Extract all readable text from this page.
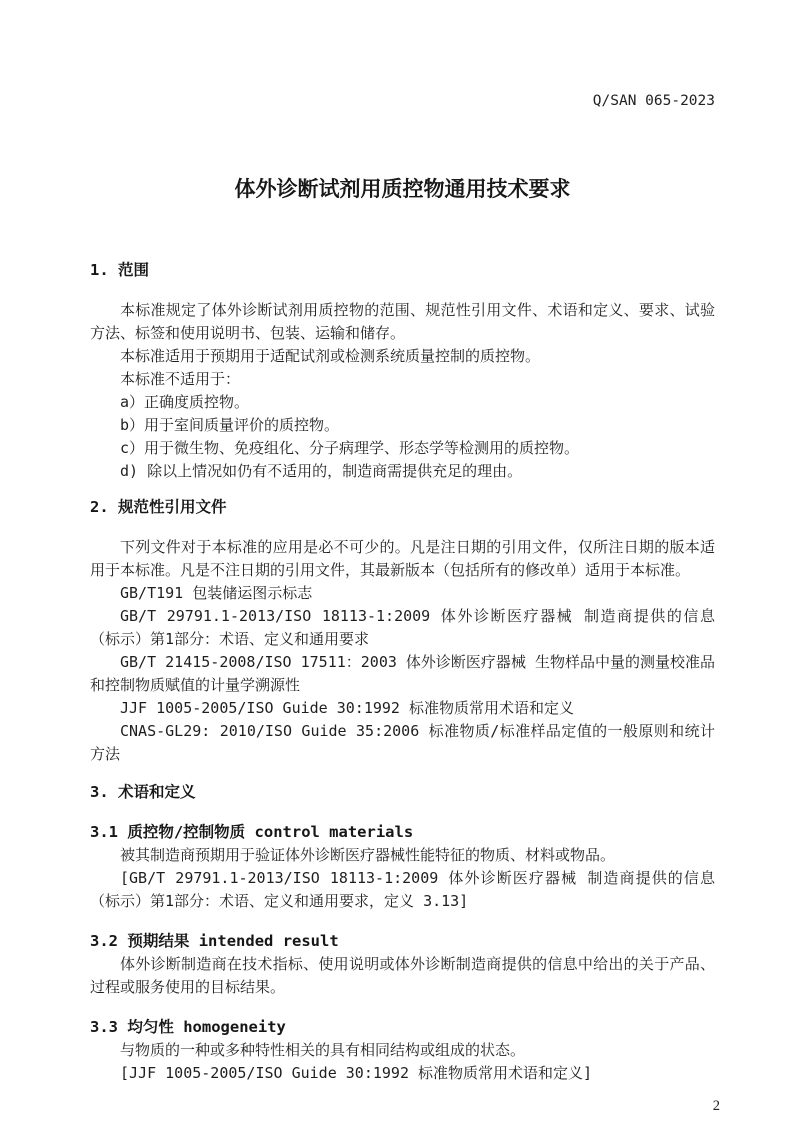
Q/SAN 065-2023
体外诊断试剂用质控物通用技术要求
1. 范围

本标准规定了体外诊断试剂用质控物的范围、规范性引用文件、术语和定义、要求、试验方法、标签和使用说明书、包装、运输和储存。

本标准适用于预期用于适配试剂或检测系统质量控制的质控物。

本标准不适用于：

a）正确度质控物。

b）用于室间质量评价的质控物。

c）用于微生物、免疫组化、分子病理学、形态学等检测用的质控物。

d) 除以上情况如仍有不适用的，制造商需提供充足的理由。

2. 规范性引用文件

下列文件对于本标准的应用是必不可少的。凡是注日期的引用文件，仅所注日期的版本适用于本标准。凡是不注日期的引用文件，其最新版本（包括所有的修改单）适用于本标准。

GB/T191 包装储运图示标志

GB/T 29791.1-2013/ISO 18113-1:2009 体外诊断医疗器械 制造商提供的信息（标示）第1部分：术语、定义和通用要求

GB/T 21415-2008/ISO 17511：2003 体外诊断医疗器械 生物样品中量的测量校准品和控制物质赋值的计量学溯源性

JJF 1005-2005/ISO Guide 30:1992 标准物质常用术语和定义

CNAS-GL29: 2010/ISO Guide 35:2006 标准物质/标准样品定值的一般原则和统计方法

3. 术语和定义
3.1 质控物/控制物质 control materials

被其制造商预期用于验证体外诊断医疗器械性能特征的物质、材料或物品。

[GB/T 29791.1-2013/ISO 18113-1:2009 体外诊断医疗器械 制造商提供的信息（标示）第1部分：术语、定义和通用要求，定义 3.13]

3.2 预期结果 intended result

体外诊断制造商在技术指标、使用说明或体外诊断制造商提供的信息中给出的关于产品、过程或服务使用的目标结果。

3.3 均匀性 homogeneity

与物质的一种或多种特性相关的具有相同结构或组成的状态。

[JJF 1005-2005/ISO Guide 30:1992 标准物质常用术语和定义]

2
